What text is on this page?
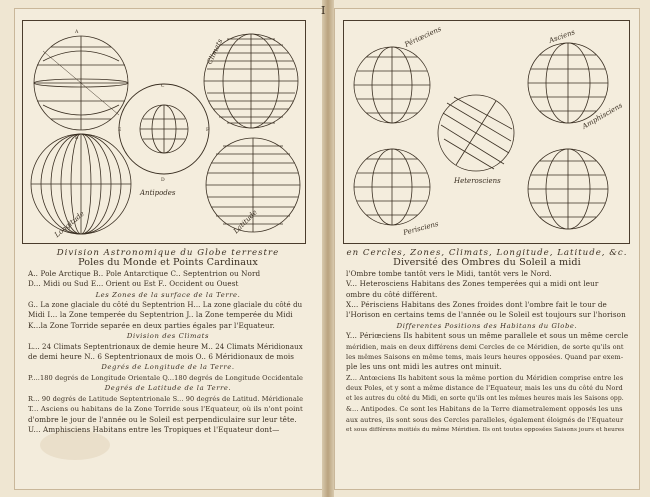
I
A
B
C
D
E	F
Longitude
Antipodes
Climats
Latitude
Périœciens	Asciens
Heterosciens
Amphisciens
Perisciens
Division Astronomique du Globe terrestre
Poles du Monde et Points Cardinaux
A.. Pole Arctique B.. Pole Antarctique C.. Septentrion ou Nord
D... Midi ou Sud E... Orient ou Est F.. Occident ou Ouest
Les Zones de la surface de la Terre.
G.. La zone glaciale du côté du Septentrion H... La zone glaciale du côté du
Midi I... la Zone temperée du Septentrion J.. la Zone temperée du Midi
K...la Zone Torride separée en deux parties égales par l'Equateur.
Division des Climats
L... 24 Climats Septentrionaux de demie heure M.. 24 Climats Méridionaux
de demi heure N.. 6 Septentrionaux de mois O.. 6 Méridionaux de mois
Degrés de Longitude de la Terre.
P....180 degrés de Longitude Orientale Q...180 degrés de Longitude Occidentale
Degrés de Latitude de la Terre.
R... 90 degrés de Latitude Septentrionale S... 90 degrés de Latitud. Méridionale
T... Asciens ou habitans de la Zone Torride sous l'Equateur, où ils n'ont point
d'ombre le jour de l'année ou le Soleil est perpendiculaire sur leur tête.
U... Amphisciens Habitans entre les Tropiques et l'Equateur dont—
en Cercles, Zones, Climats, Longitude, Latitude, &c.
Diversité des Ombres du Soleil a midi
l'Ombre tombe tantôt vers le Midi, tantôt vers le Nord.
V... Heterosciens Habitans des Zones temperées qui a midi ont leur
ombre du côté différent.
X... Périsciens Habitans des Zones froides dont l'ombre fait le tour de
l'Horison en certains tems de l'année ou le Soleil est toujours sur l'horison
Differentes Positions des Habitans du Globe.
Y... Périœciens Ils habitent sous un même parallele et sous un même cercle
méridien, mais en deux différens demi Cercles de ce Méridien, de sorte qu'ils ont
les mêmes Saisons en même tems, mais leurs heures opposées. Quand par exem-
ple les uns ont midi les autres ont minuit.
Z... Antœciens Ils habitent sous la même portion du Méridien comprise entre les
deux Poles, et y sont a même distance de l'Equateur, mais les uns du côté du Nord
et les autres du côté du Midi, en sorte qu'ils ont les mêmes heures mais les Saisons opp.
&... Antipodes. Ce sont les Habitans de la Terre diametralement opposés les uns
aux autres, ils sont sous des Cercles paralleles, également éloignés de l'Equateur
et sous différens moitiés du même Méridien. Ils ont toutes opposées Saisons jours et heures
